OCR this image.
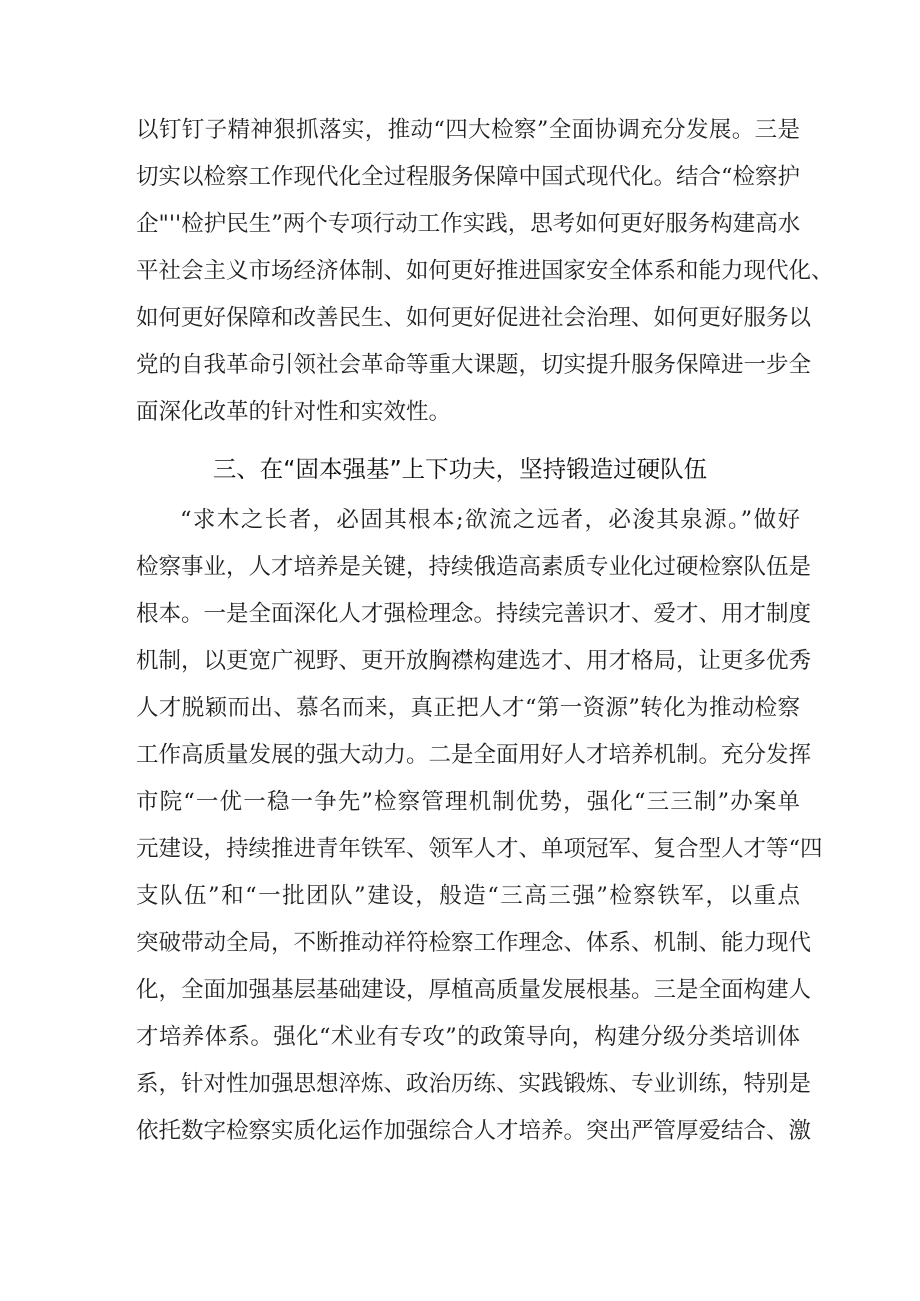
以钉钉子精神狠抓落实，推动“四大检察”全面协调充分发展。三是
切实以检察工作现代化全过程服务保障中国式现代化。结合“检察护
企"''检护民生”两个专项行动工作实践，思考如何更好服务构建高水
平社会主义市场经济体制、如何更好推进国家安全体系和能力现代化、
如何更好保障和改善民生、如何更好促进社会治理、如何更好服务以
党的自我革命引领社会革命等重大课题，切实提升服务保障进一步全
面深化改革的针对性和实效性。
三、在“固本强基”上下功夫，坚持锻造过硬队伍
“求木之长者，必固其根本;欲流之远者，必浚其泉源。”做好
检察事业，人才培养是关键，持续俄造高素质专业化过硬检察队伍是
根本。一是全面深化人才强检理念。持续完善识才、爱才、用才制度
机制，以更宽广视野、更开放胸襟构建选才、用才格局，让更多优秀
人才脱颖而出、慕名而来，真正把人才“第一资源”转化为推动检察
工作高质量发展的强大动力。二是全面用好人才培养机制。充分发挥
市院“一优一稳一争先”检察管理机制优势，强化“三三制”办案单
元建设，持续推进青年铁军、领军人才、单项冠军、复合型人才等“四
支队伍”和“一批团队”建设，般造“三高三强”检察铁军，以重点
突破带动全局，不断推动祥符检察工作理念、体系、机制、能力现代
化，全面加强基层基础建设，厚植高质量发展根基。三是全面构建人
才培养体系。强化“术业有专攻”的政策导向，构建分级分类培训体
系，针对性加强思想淬炼、政治历练、实践锻炼、专业训练，特别是
依托数字检察实质化运作加强综合人才培养。突出严管厚爱结合、激
